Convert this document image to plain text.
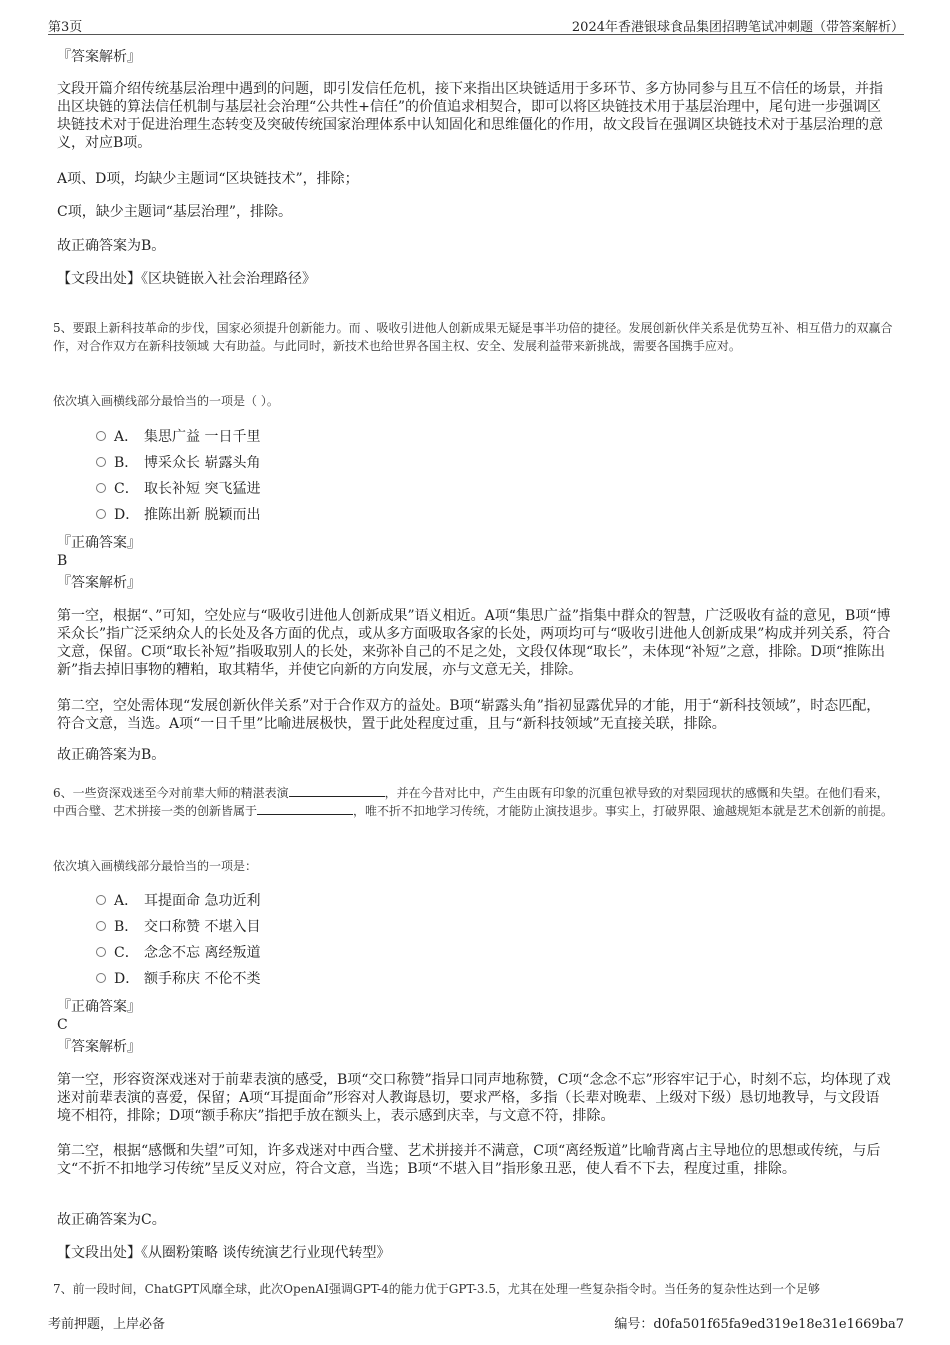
第3页	2024年香港银球食品集团招聘笔试冲刺题（带答案解析）
『答案解析』
文段开篇介绍传统基层治理中遇到的问题，即引发信任危机，接下来指出区块链适用于多环节、多方协同参与且互不信任的场景，并指出区块链的算法信任机制与基层社会治理“公共性+信任”的价值追求相契合，即可以将区块链技术用于基层治理中，尾句进一步强调区块链技术对于促进治理生态转变及突破传统国家治理体系中认知固化和思维僵化的作用，故文段旨在强调区块链技术对于基层治理的意义，对应B项。
A项、D项，均缺少主题词“区块链技术”，排除；
C项，缺少主题词“基层治理”，排除。
故正确答案为B。
【文段出处】《区块链嵌入社会治理路径》
5、要跟上新科技革命的步伐，国家必须提升创新能力。而 、吸收引进他人创新成果无疑是事半功倍的捷径。发展创新伙伴关系是优势互补、相互借力的双赢合作，对合作双方在新科技领域 大有助益。与此同时，新技术也给世界各国主权、安全、发展利益带来新挑战，需要各国携手应对。
依次填入画横线部分最恰当的一项是（ ）。
A． 集思广益 一日千里
B． 博采众长 崭露头角
C． 取长补短 突飞猛进
D． 推陈出新 脱颖而出
『正确答案』
B
『答案解析』
第一空，根据“、”可知，空处应与“吸收引进他人创新成果”语义相近。A项“集思广益”指集中群众的智慧，广泛吸收有益的意见，B项“博采众长”指广泛采纳众人的长处及各方面的优点，或从多方面吸取各家的长处，两项均可与“吸收引进他人创新成果”构成并列关系，符合文意，保留。C项“取长补短”指吸取别人的长处，来弥补自己的不足之处，文段仅体现“取长”，未体现“补短”之意，排除。D项“推陈出新”指去掉旧事物的糟粕，取其精华，并使它向新的方向发展，亦与文意无关，排除。
第二空，空处需体现“发展创新伙伴关系”对于合作双方的益处。B项“崭露头角”指初显露优异的才能，用于“新科技领域”，时态匹配，符合文意，当选。A项“一日千里”比喻进展极快，置于此处程度过重，且与“新科技领域”无直接关联，排除。
故正确答案为B。
6、一些资深戏迷至今对前辈大师的精湛表演	，并在今昔对比中，产生由既有印象的沉重包袱导致的对梨园现状的感慨和失望。在他们看来，中西合璧、艺术拼接一类的创新皆属于	，唯不折不扣地学习传统，才能防止演技退步。事实上，打破界限、逾越规矩本就是艺术创新的前提。
依次填入画横线部分最恰当的一项是：
A． 耳提面命 急功近利
B． 交口称赞 不堪入目
C． 念念不忘 离经叛道
D． 额手称庆 不伦不类
『正确答案』
C
『答案解析』
第一空，形容资深戏迷对于前辈表演的感受，B项“交口称赞”指异口同声地称赞，C项“念念不忘”形容牢记于心，时刻不忘，均体现了戏迷对前辈表演的喜爱，保留；A项“耳提面命”形容对人教诲恳切，要求严格，多指（长辈对晚辈、上级对下级）恳切地教导，与文段语境不相符，排除；D项“额手称庆”指把手放在额头上，表示感到庆幸，与文意不符，排除。
第二空，根据“感慨和失望”可知，许多戏迷对中西合璧、艺术拼接并不满意，C项“离经叛道”比喻背离占主导地位的思想或传统，与后文“不折不扣地学习传统”呈反义对应，符合文意，当选；B项“不堪入目”指形象丑恶，使人看不下去，程度过重，排除。
故正确答案为C。
【文段出处】《从圈粉策略 谈传统演艺行业现代转型》
7、前一段时间，ChatGPT风靡全球，此次OpenAI强调GPT-4的能力优于GPT-3.5，尤其在处理一些复杂指令时。当任务的复杂性达到一个足够
考前押题，上岸必备	编号：d0fa501f65fa9ed319e18e31e1669ba7
